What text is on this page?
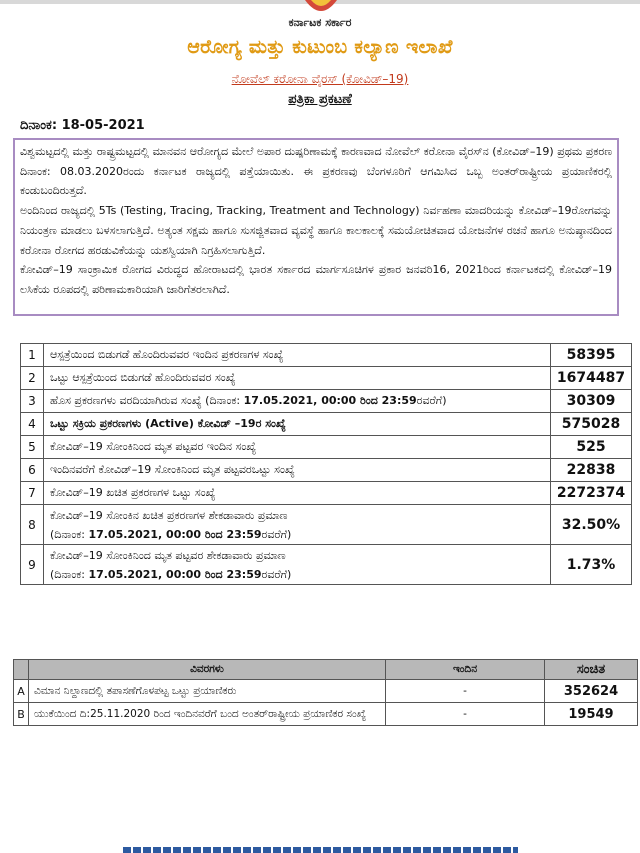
ಕರ್ನಾಟಕ ಸರ್ಕಾರ
ಆರೋಗ್ಯ ಮತ್ತು ಕುಟುಂಬ ಕಲ್ಯಾಣ ಇಲಾಖೆ
ನೋವೆಲ್ ಕರೋನಾ ವೈರಸ್ (ಕೋವಿಡ್–19)
ಪತ್ರಿಕಾ ಪ್ರಕಟಣೆ
ದಿನಾಂಕ: 18-05-2021

ವಿಶ್ವಮಟ್ಟದಲ್ಲಿ ಮತ್ತು ರಾಷ್ಟ್ರಮಟ್ಟದಲ್ಲಿ ಮಾನವನ ಆರೋಗ್ಯದ ಮೇಲೆ ಅಪಾರ ದುಷ್ಪರಿಣಾಮಕ್ಕೆ ಕಾರಣವಾದ ನೋವೆಲ್ ಕರೋನಾ ವೈರಸ್‌ನ (ಕೋವಿಡ್–19) ಪ್ರಥಮ ಪ್ರಕರಣ ದಿನಾಂಕ: 08.03.2020ರಂದು ಕರ್ನಾಟಕ ರಾಜ್ಯದಲ್ಲಿ ಪತ್ತೆಯಾಯಿತು. ಈ ಪ್ರಕರಣವು ಬೆಂಗಳೂರಿಗೆ ಆಗಮಿಸಿದ ಒಬ್ಬ ಅಂತರ್‌ರಾಷ್ಟ್ರೀಯ ಪ್ರಯಾಣಿಕರಲ್ಲಿ ಕಂಡುಬಂದಿರುತ್ತದೆ.

ಅಂದಿನಿಂದ ರಾಜ್ಯದಲ್ಲಿ 5Ts (Testing, Tracing, Tracking, Treatment and Technology) ನಿರ್ವಹಣಾ ಮಾದರಿಯನ್ನು ಕೋವಿಡ್–19ರೋಗವನ್ನು ನಿಯಂತ್ರಣ ಮಾಡಲು ಬಳಸಲಾಗುತ್ತಿದೆ. ಅತ್ಯಂತ ಸಕ್ಷಮ ಹಾಗೂ ಸುಸಜ್ಜಿತವಾದ ವ್ಯವಸ್ಥೆ ಹಾಗೂ ಕಾಲಕಾಲಕ್ಕೆ ಸಮಯೋಚಿತವಾದ ಯೋಜನೆಗಳ ರಚನೆ ಹಾಗೂ ಅನುಷ್ಠಾನದಿಂದ ಕರೋನಾ ರೋಗದ ಹರಡುವಿಕೆಯನ್ನು ಯಶಸ್ವಿಯಾಗಿ ನಿಗ್ರಹಿಸಲಾಗುತ್ತಿದೆ.

ಕೋವಿಡ್–19 ಸಾಂಕ್ರಾಮಿಕ ರೋಗದ ವಿರುದ್ಧದ ಹೋರಾಟದಲ್ಲಿ ಭಾರತ ಸರ್ಕಾರದ ಮಾರ್ಗಸೂಚಿಗಳ ಪ್ರಕಾರ ಜನವರಿ16, 2021ರಿಂದ ಕರ್ನಾಟಕದಲ್ಲಿ ಕೋವಿಡ್–19 ಲಸಿಕೆಯ ರೂಪದಲ್ಲಿ ಪರಿಣಾಮಕಾರಿಯಾಗಿ ಜಾರಿಗೆತರಲಾಗಿದೆ.

1	ಆಸ್ಪತ್ರೆಯಿಂದ ಬಿಡುಗಡೆ ಹೊಂದಿರುವವರ ಇಂದಿನ ಪ್ರಕರಣಗಳ ಸಂಖ್ಯೆ	58395
2	ಒಟ್ಟು ಆಸ್ಪತ್ರೆಯಿಂದ ಬಿಡುಗಡೆ ಹೊಂದಿರುವವರ ಸಂಖ್ಯೆ	1674487
3	ಹೊಸ ಪ್ರಕರಣಗಳು ವರದಿಯಾಗಿರುವ ಸಂಖ್ಯೆ (ದಿನಾಂಕ: 17.05.2021, 00:00 ರಿಂದ 23:59ರವರೆಗೆ)	30309
4	ಒಟ್ಟು ಸಕ್ರಿಯ ಪ್ರಕರಣಗಳು (Active) ಕೋವಿಡ್ –19ರ ಸಂಖ್ಯೆ	575028
5	ಕೋವಿಡ್–19 ಸೋಂಕಿನಿಂದ ಮೃತ ಪಟ್ಟವರ ಇಂದಿನ ಸಂಖ್ಯೆ	525
6	ಇಂದಿನವರೆಗೆ ಕೋವಿಡ್–19 ಸೋಂಕಿನಿಂದ ಮೃತ ಪಟ್ಟವರಒಟ್ಟು ಸಂಖ್ಯೆ	22838
7	ಕೋವಿಡ್–19 ಖಚಿತ ಪ್ರಕರಣಗಳ ಒಟ್ಟು ಸಂಖ್ಯೆ	2272374
8	ಕೋವಿಡ್–19 ಸೋಂಕಿನ ಖಚಿತ ಪ್ರಕರಣಗಳ ಶೇಕಡಾವಾರು ಪ್ರಮಾಣ
(ದಿನಾಂಕ: 17.05.2021, 00:00 ರಿಂದ 23:59ರವರೆಗೆ)	32.50%
9	ಕೋವಿಡ್–19 ಸೋಂಕಿನಿಂದ ಮೃತ ಪಟ್ಟವರ ಶೇಕಡಾವಾರು ಪ್ರಮಾಣ
(ದಿನಾಂಕ: 17.05.2021, 00:00 ರಿಂದ 23:59ರವರೆಗೆ)	1.73%
	ವಿವರಗಳು	ಇಂದಿನ	ಸಂಚಿತ
A	ವಿಮಾನ ನಿಲ್ದಾಣದಲ್ಲಿ ತಪಾಸಣೆಗೊಳಪಟ್ಟ ಒಟ್ಟು ಪ್ರಯಾಣಿಕರು	-	352624
B	ಯುಕೆಯಿಂದ ದಿ:25.11.2020 ರಿಂದ ಇಂದಿನವರೆಗೆ ಬಂದ ಅಂತರ್‌ರಾಷ್ಟ್ರೀಯ ಪ್ರಯಾಣಿಕರ ಸಂಖ್ಯೆ	-	19549
